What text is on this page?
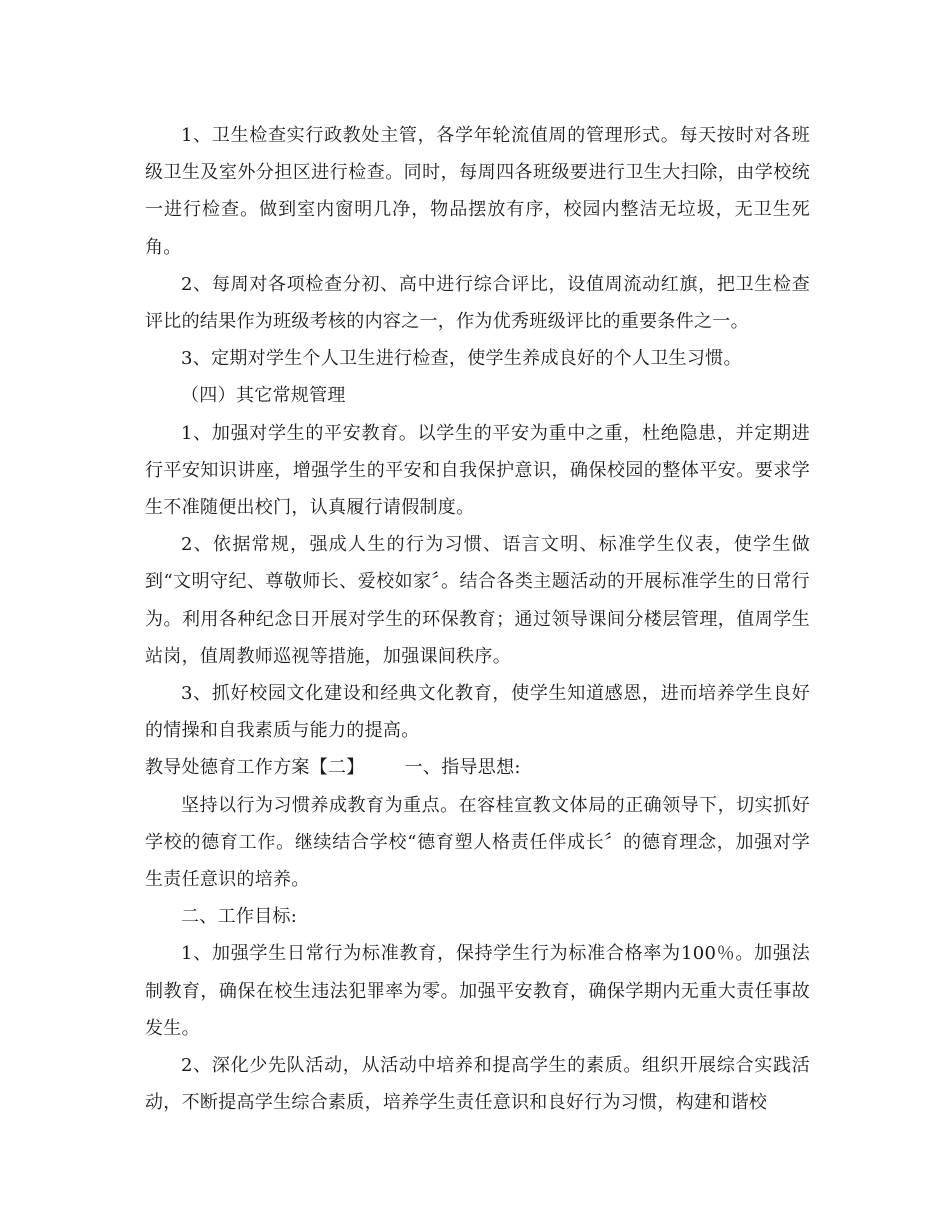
1、卫生检查实行政教处主管，各学年轮流值周的管理形式。每天按时对各班级卫生及室外分担区进行检查。同时，每周四各班级要进行卫生大扫除，由学校统一进行检查。做到室内窗明几净，物品摆放有序，校园内整洁无垃圾，无卫生死角。

2、每周对各项检查分初、高中进行综合评比，设值周流动红旗，把卫生检查评比的结果作为班级考核的内容之一，作为优秀班级评比的重要条件之一。

3、定期对学生个人卫生进行检查，使学生养成良好的个人卫生习惯。

（四）其它常规管理

1、加强对学生的平安教育。以学生的平安为重中之重，杜绝隐患，并定期进行平安知识讲座，增强学生的平安和自我保护意识，确保校园的整体平安。要求学生不准随便出校门，认真履行请假制度。

2、依据常规，强成人生的行为习惯、语言文明、标准学生仪表，使学生做到“文明守纪、尊敬师长、爱校如家〞。结合各类主题活动的开展标准学生的日常行为。利用各种纪念日开展对学生的环保教育；通过领导课间分楼层管理，值周学生站岗，值周教师巡视等措施，加强课间秩序。

3、抓好校园文化建设和经典文化教育，使学生知道感恩，进而培养学生良好的情操和自我素质与能力的提高。

教导处德育工作方案【二】 一、指导思想:

坚持以行为习惯养成教育为重点。在容桂宣教文体局的正确领导下，切实抓好学校的德育工作。继续结合学校“德育塑人格责任伴成长〞的德育理念，加强对学生责任意识的培养。

二、工作目标:

1、加强学生日常行为标准教育，保持学生行为标准合格率为100％。加强法制教育，确保在校生违法犯罪率为零。加强平安教育，确保学期内无重大责任事故发生。

2、深化少先队活动，从活动中培养和提高学生的素质。组织开展综合实践活动，不断提高学生综合素质，培养学生责任意识和良好行为习惯，构建和谐校
